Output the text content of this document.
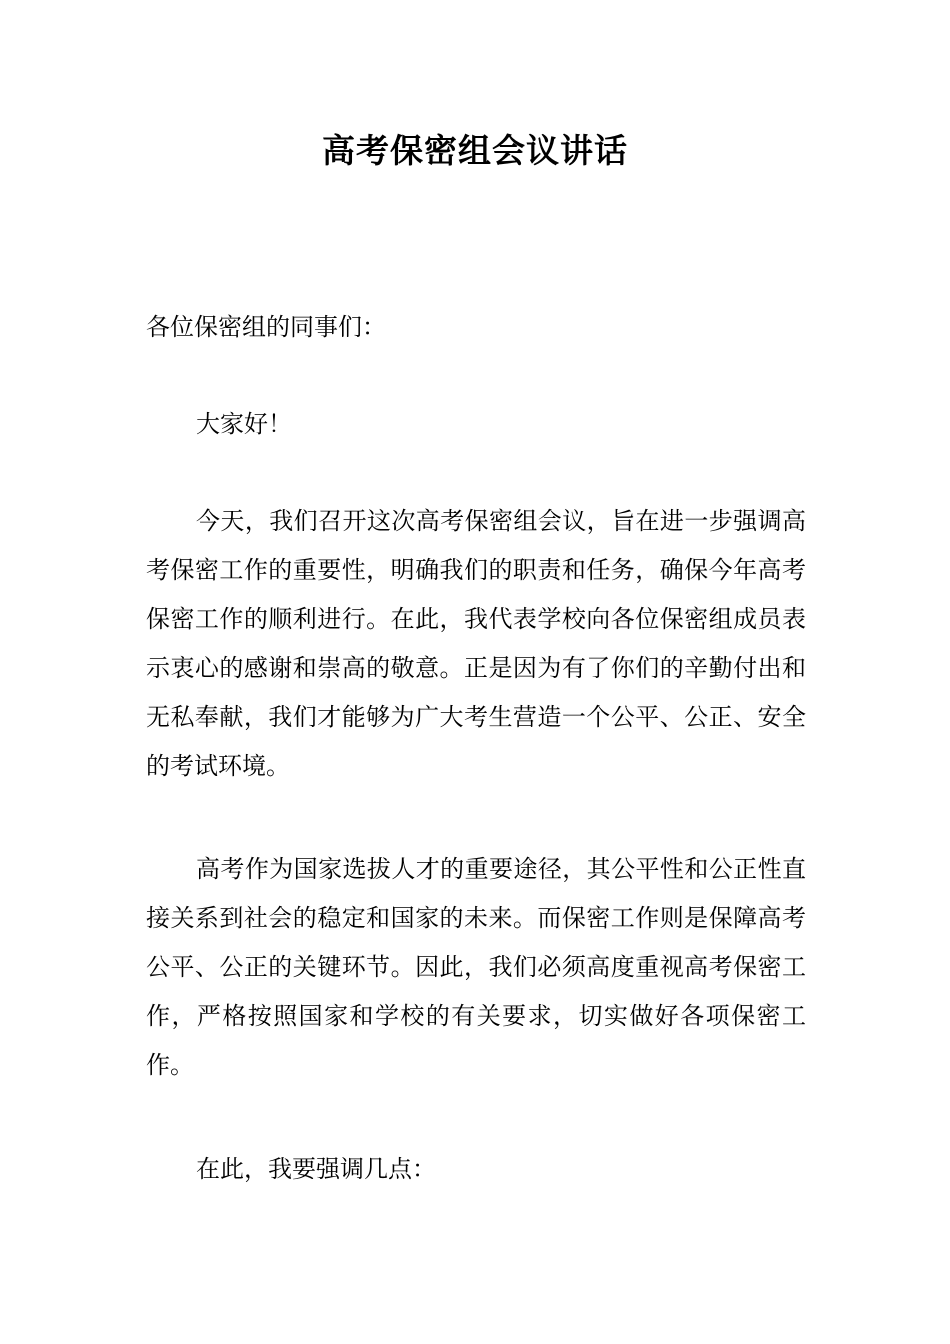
高考保密组会议讲话
各位保密组的同事们：
大家好！
今天，我们召开这次高考保密组会议，旨在进一步强调高考保密工作的重要性，明确我们的职责和任务，确保今年高考保密工作的顺利进行。在此，我代表学校向各位保密组成员表示衷心的感谢和崇高的敬意。正是因为有了你们的辛勤付出和无私奉献，我们才能够为广大考生营造一个公平、公正、安全的考试环境。
高考作为国家选拔人才的重要途径，其公平性和公正性直接关系到社会的稳定和国家的未来。而保密工作则是保障高考公平、公正的关键环节。因此，我们必须高度重视高考保密工作，严格按照国家和学校的有关要求，切实做好各项保密工作。
在此，我要强调几点：
